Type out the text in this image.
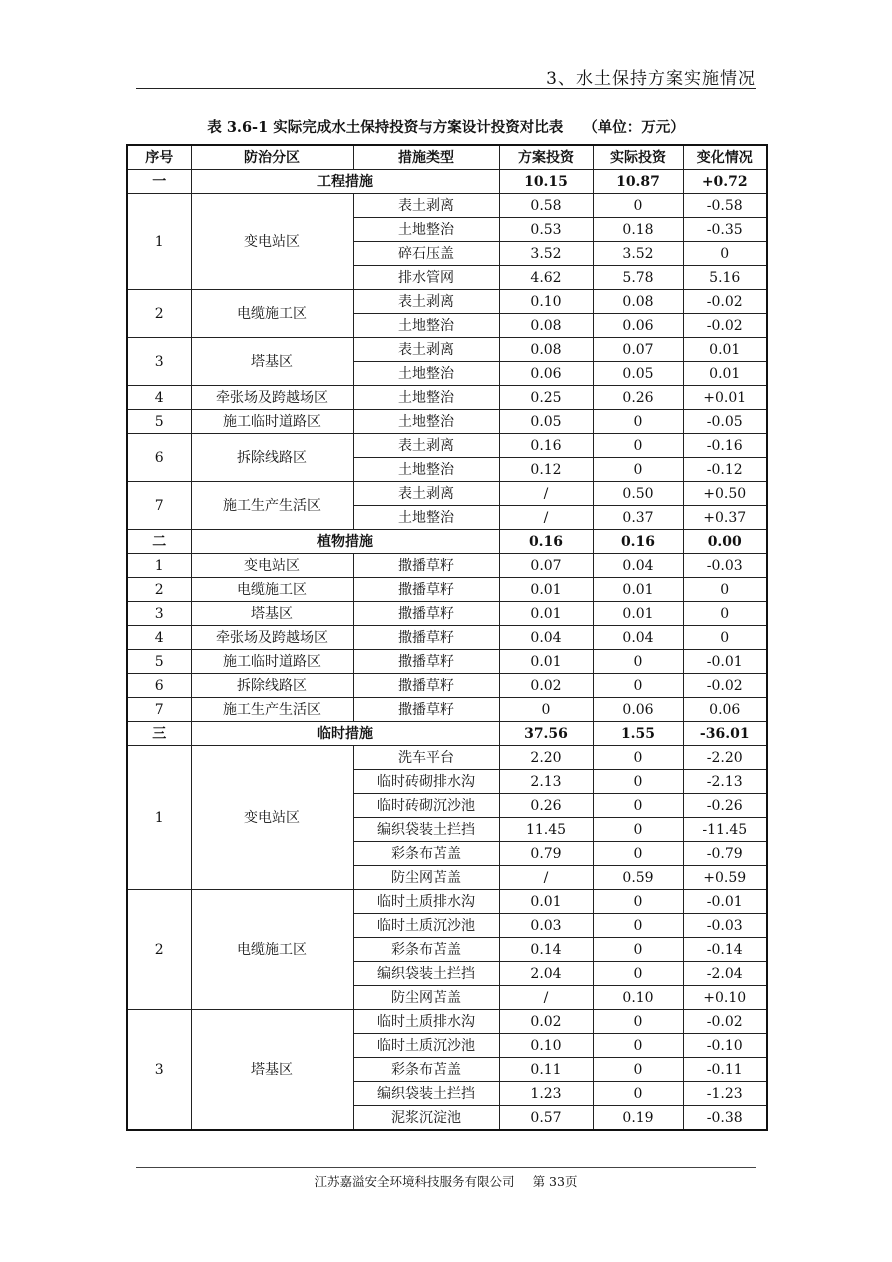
3、水土保持方案实施情况
表 3.6-1 实际完成水土保持投资与方案设计投资对比表 （单位：万元）
序号	防治分区	措施类型	方案投资	实际投资	变化情况
一	工程措施		10.15	10.87	+0.72
1	变电站区	表土剥离	0.58	0	-0.58
		土地整治	0.53	0.18	-0.35
		碎石压盖	3.52	3.52	0
		排水管网	4.62	5.78	5.16
2	电缆施工区	表土剥离	0.10	0.08	-0.02
		土地整治	0.08	0.06	-0.02
3	塔基区	表土剥离	0.08	0.07	0.01
		土地整治	0.06	0.05	0.01
4	牵张场及跨越场区	土地整治	0.25	0.26	+0.01
5	施工临时道路区	土地整治	0.05	0	-0.05
6	拆除线路区	表土剥离	0.16	0	-0.16
		土地整治	0.12	0	-0.12
7	施工生产生活区	表土剥离	/	0.50	+0.50
		土地整治	/	0.37	+0.37
二	植物措施		0.16	0.16	0.00
1	变电站区	撒播草籽	0.07	0.04	-0.03
2	电缆施工区	撒播草籽	0.01	0.01	0
3	塔基区	撒播草籽	0.01	0.01	0
4	牵张场及跨越场区	撒播草籽	0.04	0.04	0
5	施工临时道路区	撒播草籽	0.01	0	-0.01
6	拆除线路区	撒播草籽	0.02	0	-0.02
7	施工生产生活区	撒播草籽	0	0.06	0.06
三	临时措施		37.56	1.55	-36.01
1	变电站区	洗车平台	2.20	0	-2.20
		临时砖砌排水沟	2.13	0	-2.13
		临时砖砌沉沙池	0.26	0	-0.26
		编织袋装土拦挡	11.45	0	-11.45
		彩条布苫盖	0.79	0	-0.79
		防尘网苫盖	/	0.59	+0.59
2	电缆施工区	临时土质排水沟	0.01	0	-0.01
		临时土质沉沙池	0.03	0	-0.03
		彩条布苫盖	0.14	0	-0.14
		编织袋装土拦挡	2.04	0	-2.04
		防尘网苫盖	/	0.10	+0.10
3	塔基区	临时土质排水沟	0.02	0	-0.02
		临时土质沉沙池	0.10	0	-0.10
		彩条布苫盖	0.11	0	-0.11
		编织袋装土拦挡	1.23	0	-1.23
		泥浆沉淀池	0.57	0.19	-0.38
江苏嘉溢安全环境科技服务有限公司 第 33页
